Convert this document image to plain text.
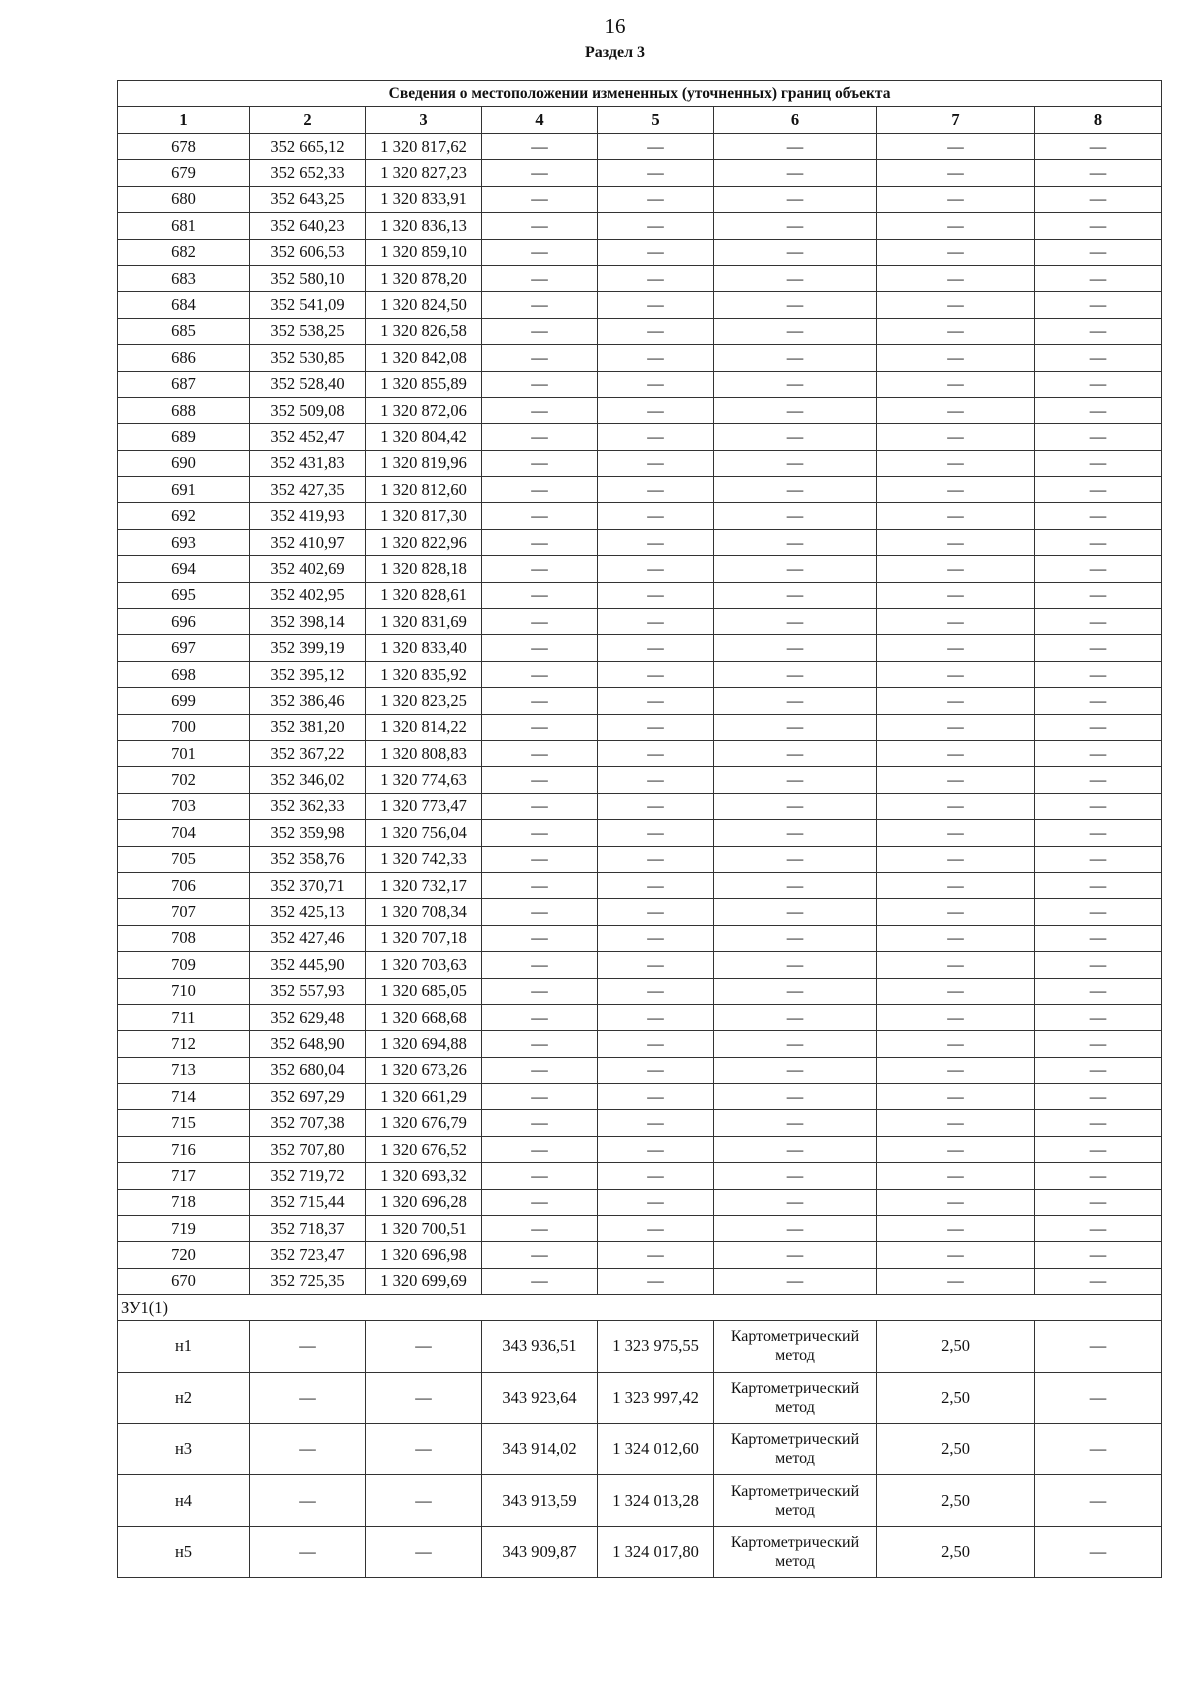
16
Раздел 3
Сведения о местоположении измененных (уточненных) границ объекта							
1	2	3	4	5	6	7	8
678	352 665,12	1 320 817,62	—	—	—	—	—
679	352 652,33	1 320 827,23	—	—	—	—	—
680	352 643,25	1 320 833,91	—	—	—	—	—
681	352 640,23	1 320 836,13	—	—	—	—	—
682	352 606,53	1 320 859,10	—	—	—	—	—
683	352 580,10	1 320 878,20	—	—	—	—	—
684	352 541,09	1 320 824,50	—	—	—	—	—
685	352 538,25	1 320 826,58	—	—	—	—	—
686	352 530,85	1 320 842,08	—	—	—	—	—
687	352 528,40	1 320 855,89	—	—	—	—	—
688	352 509,08	1 320 872,06	—	—	—	—	—
689	352 452,47	1 320 804,42	—	—	—	—	—
690	352 431,83	1 320 819,96	—	—	—	—	—
691	352 427,35	1 320 812,60	—	—	—	—	—
692	352 419,93	1 320 817,30	—	—	—	—	—
693	352 410,97	1 320 822,96	—	—	—	—	—
694	352 402,69	1 320 828,18	—	—	—	—	—
695	352 402,95	1 320 828,61	—	—	—	—	—
696	352 398,14	1 320 831,69	—	—	—	—	—
697	352 399,19	1 320 833,40	—	—	—	—	—
698	352 395,12	1 320 835,92	—	—	—	—	—
699	352 386,46	1 320 823,25	—	—	—	—	—
700	352 381,20	1 320 814,22	—	—	—	—	—
701	352 367,22	1 320 808,83	—	—	—	—	—
702	352 346,02	1 320 774,63	—	—	—	—	—
703	352 362,33	1 320 773,47	—	—	—	—	—
704	352 359,98	1 320 756,04	—	—	—	—	—
705	352 358,76	1 320 742,33	—	—	—	—	—
706	352 370,71	1 320 732,17	—	—	—	—	—
707	352 425,13	1 320 708,34	—	—	—	—	—
708	352 427,46	1 320 707,18	—	—	—	—	—
709	352 445,90	1 320 703,63	—	—	—	—	—
710	352 557,93	1 320 685,05	—	—	—	—	—
711	352 629,48	1 320 668,68	—	—	—	—	—
712	352 648,90	1 320 694,88	—	—	—	—	—
713	352 680,04	1 320 673,26	—	—	—	—	—
714	352 697,29	1 320 661,29	—	—	—	—	—
715	352 707,38	1 320 676,79	—	—	—	—	—
716	352 707,80	1 320 676,52	—	—	—	—	—
717	352 719,72	1 320 693,32	—	—	—	—	—
718	352 715,44	1 320 696,28	—	—	—	—	—
719	352 718,37	1 320 700,51	—	—	—	—	—
720	352 723,47	1 320 696,98	—	—	—	—	—
670	352 725,35	1 320 699,69	—	—	—	—	—
ЗУ1(1)							
н1	—	—	343 936,51	1 323 975,55	Картометрический метод	2,50	—
н2	—	—	343 923,64	1 323 997,42	Картометрический метод	2,50	—
н3	—	—	343 914,02	1 324 012,60	Картометрический метод	2,50	—
н4	—	—	343 913,59	1 324 013,28	Картометрический метод	2,50	—
н5	—	—	343 909,87	1 324 017,80	Картометрический метод	2,50	—
